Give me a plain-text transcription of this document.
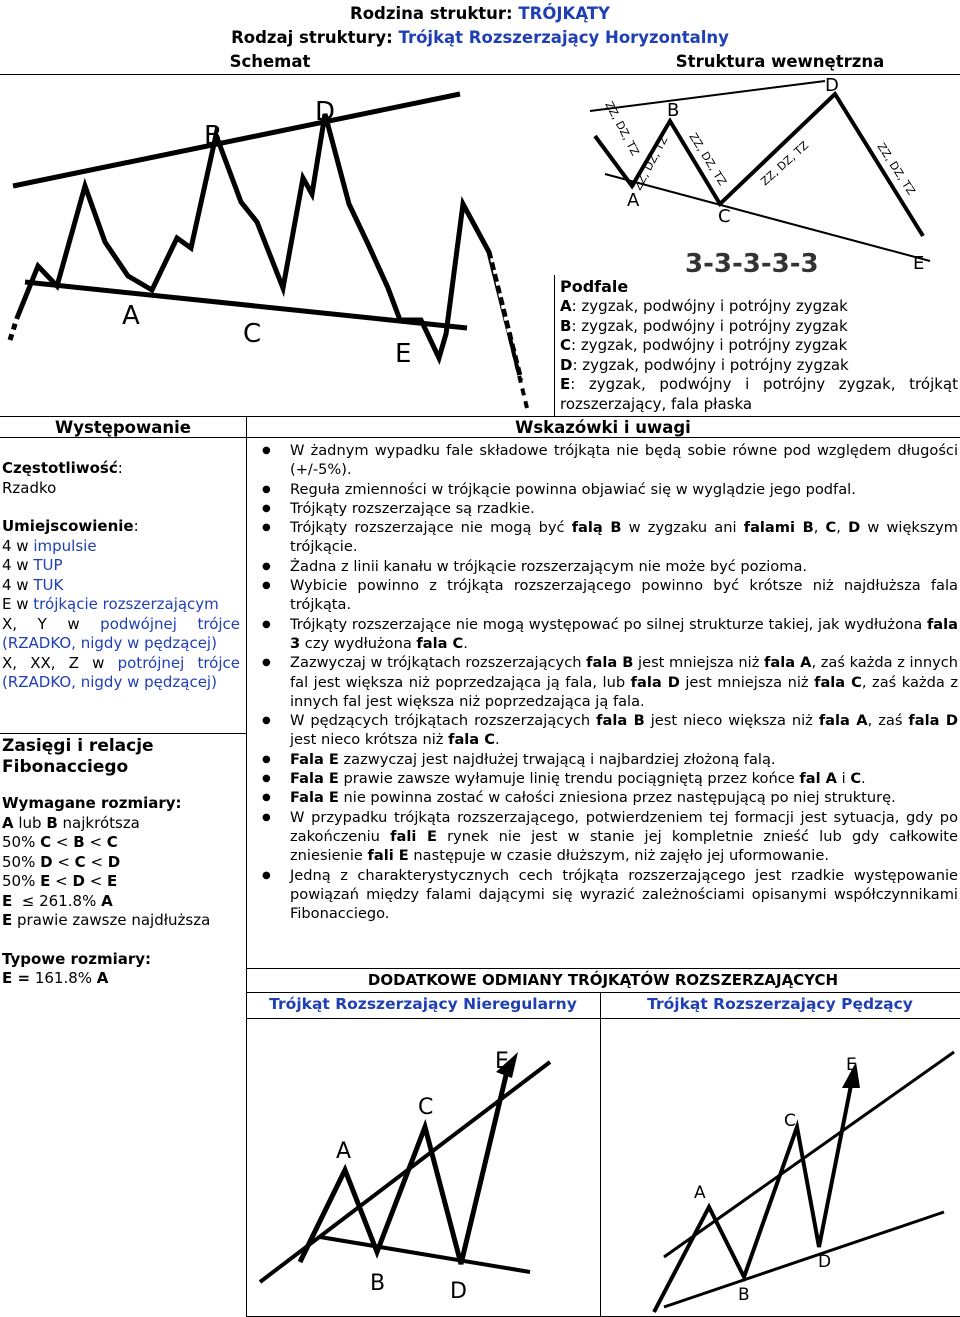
Rodzina struktur: TRÓJKĄTY
Rodzaj struktury: Trójkąt Rozszerzający Horyzontalny
Schemat	Struktura wewnętrzna
A
B
C
D
E
A
B
C
D
E
ZZ, DZ, TZ
ZZ, DZ, TZ ZZ, DZ, TZ	ZZ, DZ, TZ	ZZ, DZ, TZ
3-3-3-3-3
Podfale
A: zygzak, podwójny i potrójny zygzak
B: zygzak, podwójny i potrójny zygzak
C: zygzak, podwójny i potrójny zygzak
D: zygzak, podwójny i potrójny zygzak
E: zygzak, podwójny i potrójny zygzak, trójkąt rozszerzający, fala płaska
Występowanie
Częstotliwość:
Rzadko
Umiejscowienie:
4 w impulsie
4 w TUP
4 w TUK
E w trójkącie rozszerzającym
X, Y w podwójnej trójce
(RZADKO, nigdy w pędzącej)
X, XX, Z w potrójnej trójce
(RZADKO, nigdy w pędzącej)
Zasięgi i relacje
Fibonacciego
Wymagane rozmiary:
A lub B najkrótsza
50% C < B < C
50% D < C < D
50% E < D < E
E  ≤ 261.8% A
E prawie zawsze najdłuższa
Typowe rozmiary:
E = 161.8% A
Wskazówki i uwagi
● W żadnym wypadku fale składowe trójkąta nie będą sobie równe pod względem długości (+/-5%).
● Reguła zmienności w trójkącie powinna objawiać się w wyglądzie jego podfal.
● Trójkąty rozszerzające są rzadkie.
● Trójkąty rozszerzające nie mogą być falą B w zygzaku ani falami B, C, D w większym trójkącie.
● Żadna z linii kanału w trójkącie rozszerzającym nie może być pozioma.
● Wybicie powinno z trójkąta rozszerzającego powinno być krótsze niż najdłuższa fala trójkąta.
● Trójkąty rozszerzające nie mogą występować po silnej strukturze takiej, jak wydłużona fala 3 czy wydłużona fala C.
● Zazwyczaj w trójkątach rozszerzających fala B jest mniejsza niż fala A, zaś każda z innych fal jest większa niż poprzedzająca ją fala, lub fala D jest mniejsza niż fala C, zaś każda z innych fal jest większa niż poprzedzająca ją fala.
● W pędzących trójkątach rozszerzających fala B jest nieco większa niż fala A, zaś fala D jest nieco krótsza niż fala C.
● Fala E zazwyczaj jest najdłużej trwającą i najbardziej złożoną falą.
● Fala E prawie zawsze wyłamuje linię trendu pociągniętą przez końce fal A i C.
● Fala E nie powinna zostać w całości zniesiona przez następującą po niej strukturę.
● W przypadku trójkąta rozszerzającego, potwierdzeniem tej formacji jest sytuacja, gdy po zakończeniu fali E rynek nie jest w stanie jej kompletnie znieść lub gdy całkowite zniesienie fali E następuje w czasie dłuższym, niż zajęło jej uformowanie.
● Jedną z charakterystycznych cech trójkąta rozszerzającego jest rzadkie występowanie powiązań między falami dającymi się wyrazić zależnościami opisanymi współczynnikami Fibonacciego.
DODATKOWE ODMIANY TRÓJKĄTÓW ROZSZERZAJĄCYCH
Trójkąt Rozszerzający Nieregularny	Trójkąt Rozszerzający Pędzący
A
B
C
D
E
A
B
C
D
E
